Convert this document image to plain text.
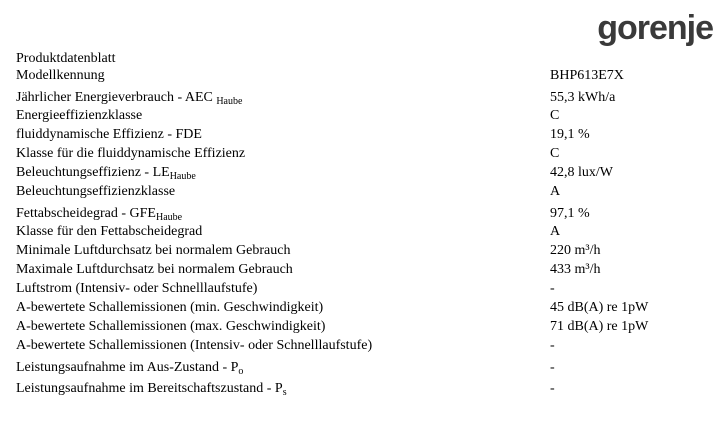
gorenje
Produktdatenblatt
Modellkennung	BHP613E7X
Jährlicher Energieverbrauch - AEC $_{Haube}$	55,3 kWh/a
Energieeffizienzklasse	C
fluiddynamische Effizienz - FDE	19,1 %
Klasse für die fluiddynamische Effizienz	C
Beleuchtungseffizienz - $LE_{Haube}$	42,8 lux/W
Beleuchtungseffizienzklasse	A
Fettabscheidegrad - $GFE_{Haube}$	97,1 %
Klasse für den Fettabscheidegrad	A
Minimale Luftdurchsatz bei normalem Gebrauch	220 m³/h
Maximale Luftdurchsatz bei normalem Gebrauch	433 m³/h
Luftstrom (Intensiv- oder Schnelllaufstufe)	-
A-bewertete Schallemissionen (min. Geschwindigkeit)	45 dB(A) re 1pW
A-bewertete Schallemissionen (max. Geschwindigkeit)	71 dB(A) re 1pW
A-bewertete Schallemissionen (Intensiv- oder Schnelllaufstufe)	-
Leistungsaufnahme im $Aus-Zustand - P_o$	-
Leistungsaufnahme im Bereitschaftszustand - $P_s$	-
